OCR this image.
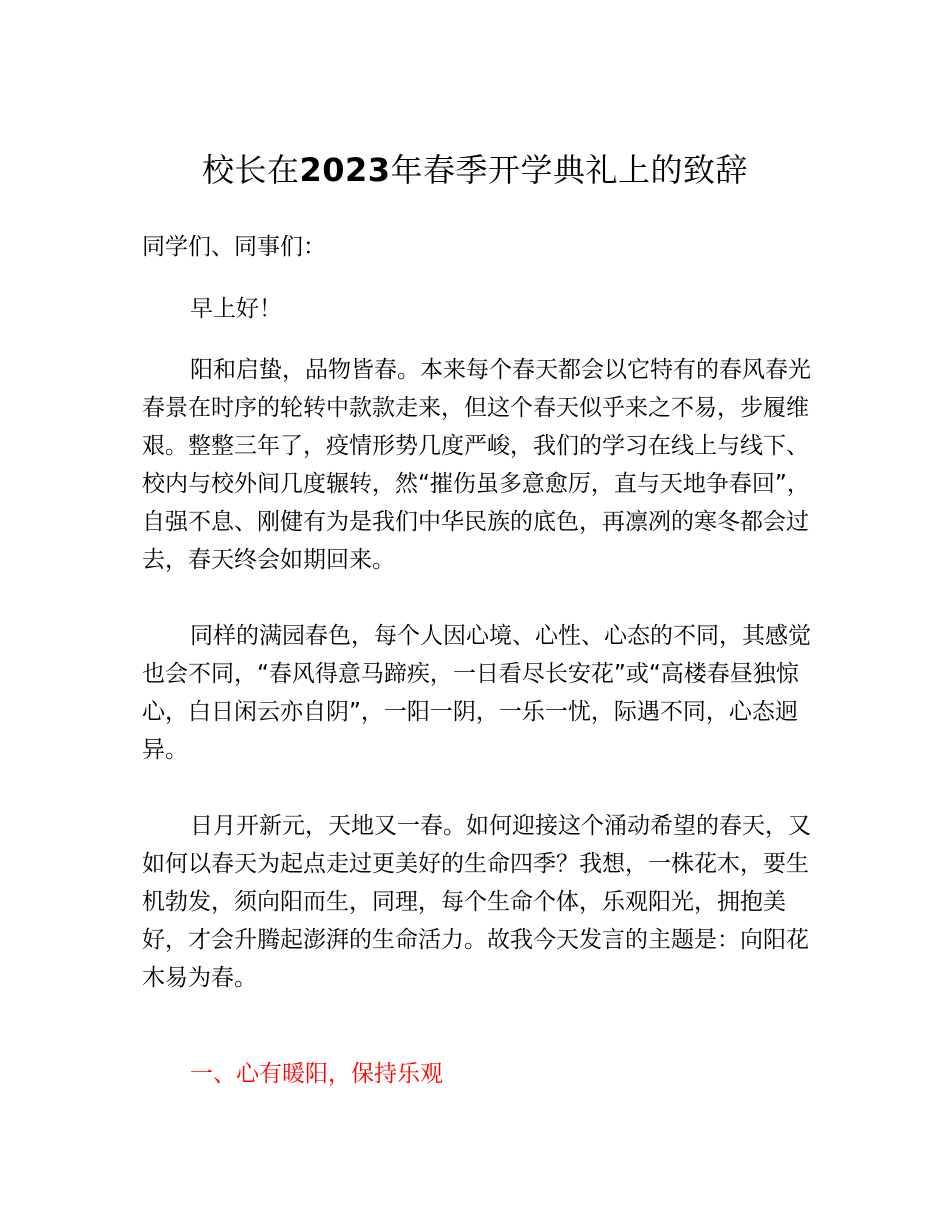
校长在2023年春季开学典礼上的致辞
同学们、同事们：

早上好！

阳和启蛰，品物皆春。本来每个春天都会以它特有的春风春光春景在时序的轮转中款款走来，但这个春天似乎来之不易，步履维艰。整整三年了，疫情形势几度严峻，我们的学习在线上与线下、校内与校外间几度辗转，然“摧伤虽多意愈厉，直与天地争春回”，自强不息、刚健有为是我们中华民族的底色，再凛冽的寒冬都会过去，春天终会如期回来。

同样的满园春色，每个人因心境、心性、心态的不同，其感觉也会不同，“春风得意马蹄疾，一日看尽长安花”或“高楼春昼独惊心，白日闲云亦自阴”，一阳一阴，一乐一忧，际遇不同，心态迥异。

日月开新元，天地又一春。如何迎接这个涌动希望的春天，又如何以春天为起点走过更美好的生命四季？我想，一株花木，要生机勃发，须向阳而生，同理，每个生命个体，乐观阳光，拥抱美好，才会升腾起澎湃的生命活力。故我今天发言的主题是：向阳花木易为春。

一、心有暖阳，保持乐观
